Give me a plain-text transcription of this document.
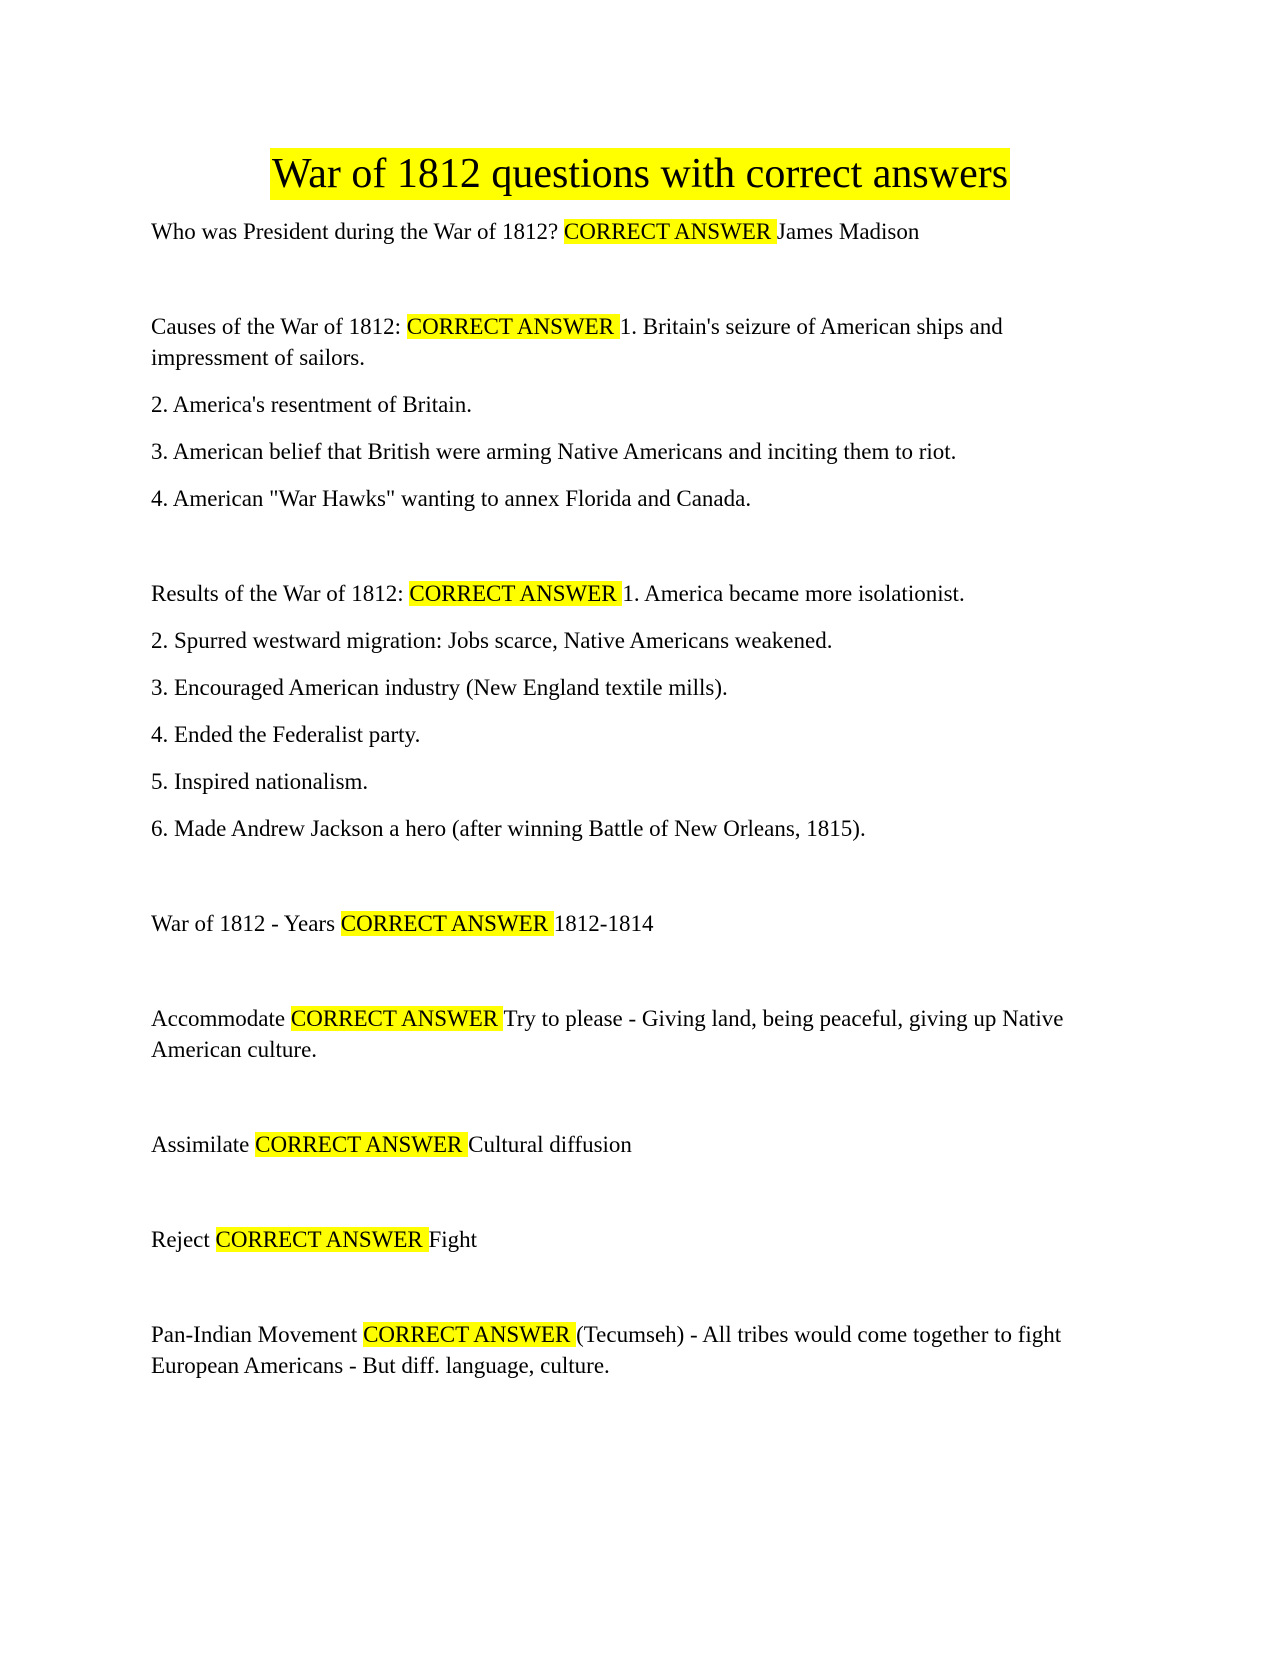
War of 1812 questions with correct answers

Who was President during the War of 1812? CORRECT ANSWER James Madison

Causes of the War of 1812: CORRECT ANSWER 1. Britain's seizure of American ships and impressment of sailors.

2. America's resentment of Britain.

3. American belief that British were arming Native Americans and inciting them to riot.

4. American "War Hawks" wanting to annex Florida and Canada.

Results of the War of 1812: CORRECT ANSWER 1. America became more isolationist.

2. Spurred westward migration: Jobs scarce, Native Americans weakened.

3. Encouraged American industry (New England textile mills).

4. Ended the Federalist party.

5. Inspired nationalism.

6. Made Andrew Jackson a hero (after winning Battle of New Orleans, 1815).

War of 1812 - Years CORRECT ANSWER 1812-1814

Accommodate CORRECT ANSWER Try to please - Giving land, being peaceful, giving up Native American culture.

Assimilate CORRECT ANSWER Cultural diffusion

Reject CORRECT ANSWER Fight

Pan-Indian Movement CORRECT ANSWER (Tecumseh) - All tribes would come together to fight European Americans - But diff. language, culture.
